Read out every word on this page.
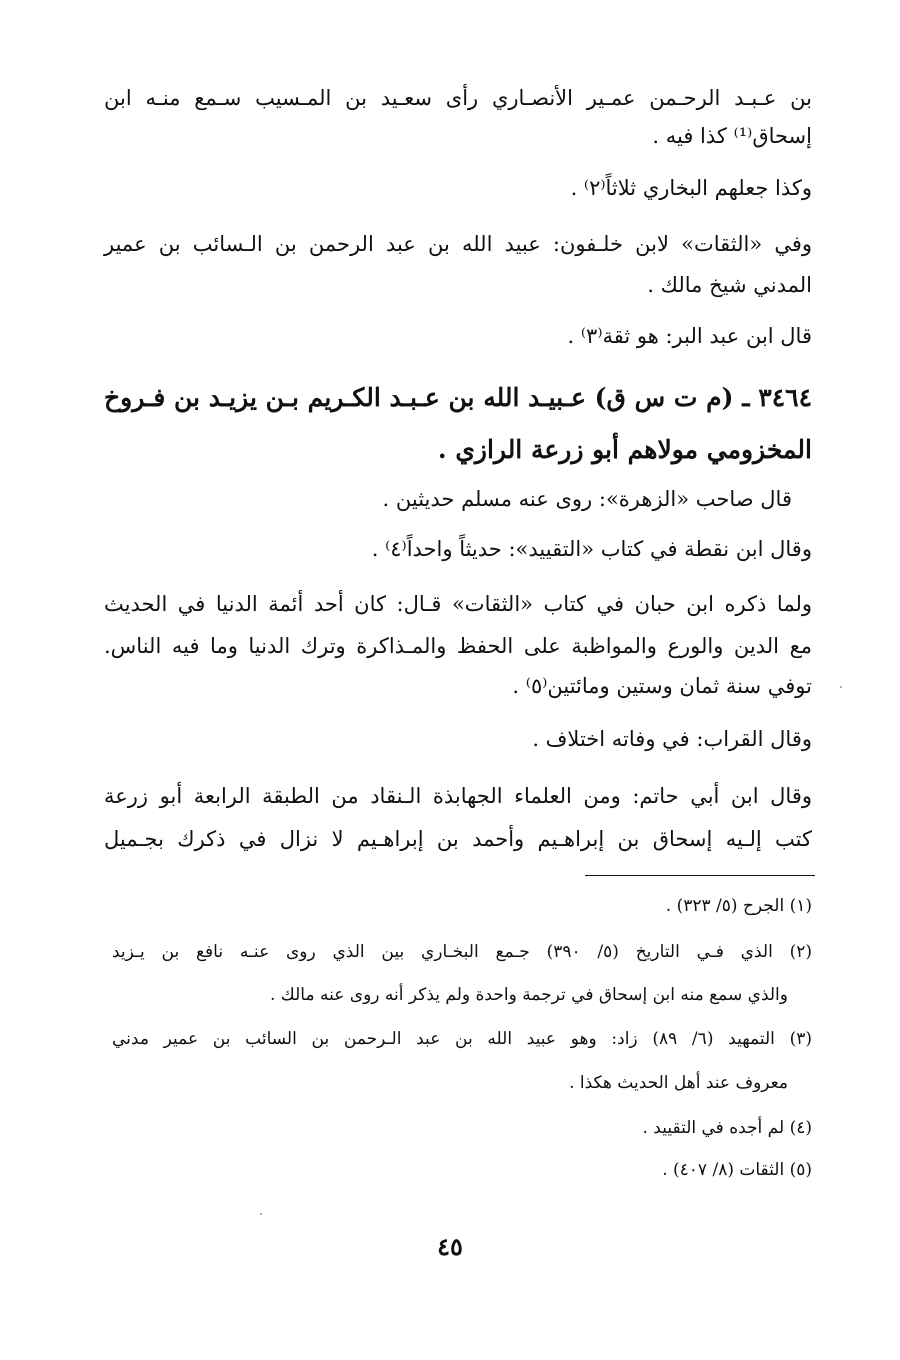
بن عـبـد الرحـمن عمـير الأنصـاري رأى سعـيد بن المـسيب سـمع منـه ابن
إسحاق⁽¹⁾ كذا فيه .
وكذا جعلهم البخاري ثلاثاً⁽٢⁾ .
وفي «الثقات» لابن خلـفون: عبيد الله بن عبد الرحمن بن الـسائب بن عمير
المدني شيخ مالك .
قال ابن عبد البر: هو ثقة⁽٣⁾ .
٣٤٦٤ ـ (م ت س ق) عـبيـد الله بن عـبـد الكـريم بـن يزيـد بن فـروخ
المخزومي مولاهم أبو زرعة الرازي .
قال صاحب «الزهرة»: روى عنه مسلم حديثين .
وقال ابن نقطة في كتاب «التقييد»: حديثاً واحداً⁽٤⁾ .
ولما ذكره ابن حبان في كتاب «الثقات» قـال: كان أحد أئمة الدنيا في الحديث
مع الدين والورع والمواظبة على الحفظ والمـذاكرة وترك الدنيا وما فيه الناس.
توفي سنة ثمان وستين ومائتين⁽٥⁾ .
وقال القراب: في وفاته اختلاف .
وقال ابن أبي حاتم: ومن العلماء الجهابذة الـنقاد من الطبقة الرابعة أبو زرعة
كتب إلـيه إسحاق بن إبراهـيم وأحمد بن إبراهـيم لا نزال في ذكرك بجـميل
(١) الجرح (٥/ ٣٢٣) .
(٢) الذي فـي التاريخ (٥/ ٣٩٠) جـمع البخـاري بين الذي روى عنـه نافع بن يـزيد
والذي سمع منه ابن إسحاق في ترجمة واحدة ولم يذكر أنه روى عنه مالك .
(٣) التمهيد (٦/ ٨٩) زاد: وهو عبيد الله بن عبد الـرحمن بن السائب بن عمير مدني
معروف عند أهل الحديث هكذا .
(٤) لم أجده في التقييد .
(٥) الثقات (٨/ ٤٠٧) .
٤٥
